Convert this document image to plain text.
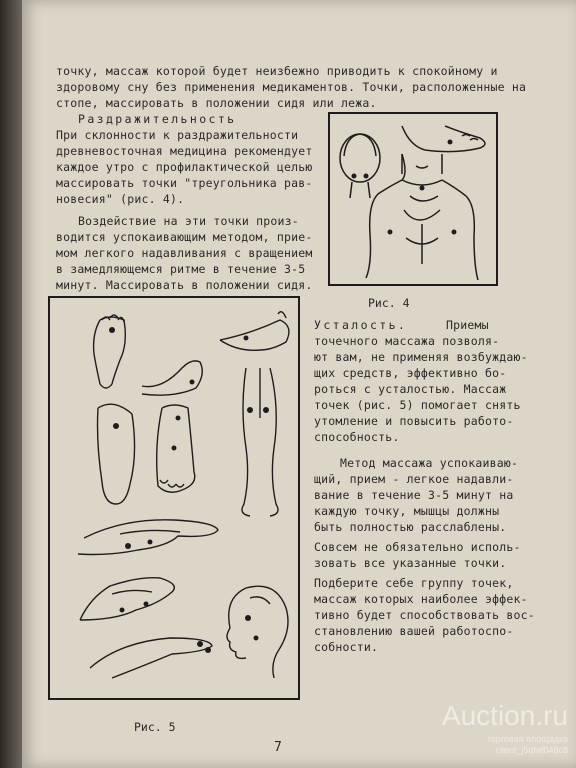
точку, массаж которой будет неизбежно приводить к спокойному и
здоровому сну без применения медикаментов. Точки, расположенные на
стопе, массировать в положении сидя или лежа.
Раздражительность
При склонности к раздражительности
древневосточная медицина рекомендует
каждое утро с профилактической целью
массировать точки "треугольника рав-
новесия" (рис. 4).
Воздействие на эти точки произ-
водится успокаивающим методом, прие-
мом легкого надавливания с вращением
в замедляющемся ритме в течение 3-5
минут. Массировать в положении сидя.
Рис. 4
Рис. 5
Усталость.	Приемы
точечного массажа позволя-
ют вам, не применяя возбуждаю-
щих средств, эффективно бо-
роться с усталостью. Массаж
точек (рис. 5) помогает снять
утомление и повысить работо-
способность.
Метод массажа успокаиваю-
щий, прием - легкое надавли-
вание в течение 3-5 минут на
каждую точку, мышцы должны
быть полностью расслаблены.
Совсем не обязательно исполь-
зовать все указанные точки.
Подберите себе группу точек,
массаж которых наиболее эффек-
тивно будет способствовать вос-
становлению вашей работоспо-
собности.
7
Auction.ru
торговая площадка
client_j5dfaf048c8
